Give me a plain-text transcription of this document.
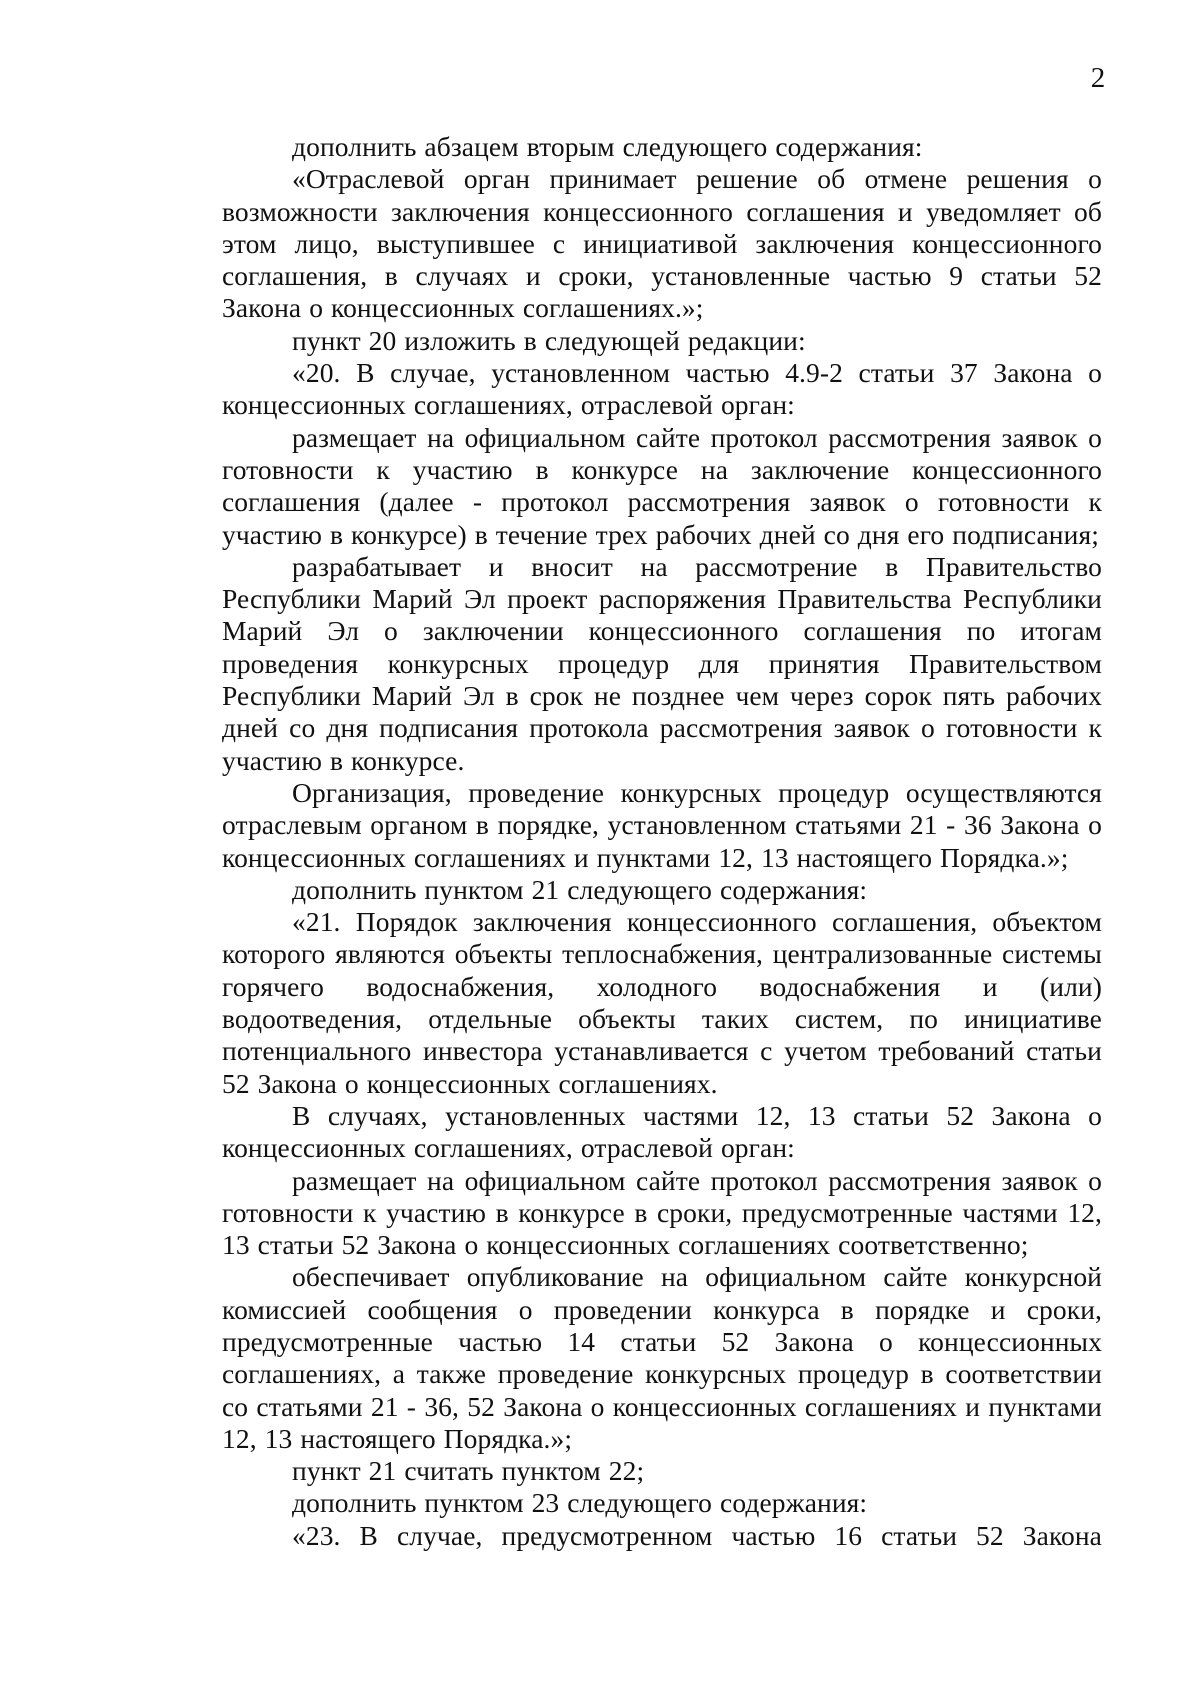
2

дополнить абзацем вторым следующего содержания:

«Отраслевой орган принимает решение об отмене решения о возможности заключения концессионного соглашения и уведомляет об этом лицо, выступившее с инициативой заключения концессионного соглашения, в случаях и сроки, установленные частью 9 статьи 52 Закона о концессионных соглашениях.»;

пункт 20 изложить в следующей редакции:

«20. В случае, установленном частью 4.9-2 статьи 37 Закона о концессионных соглашениях, отраслевой орган:

размещает на официальном сайте протокол рассмотрения заявок о готовности к участию в конкурсе на заключение концессионного соглашения (далее - протокол рассмотрения заявок о готовности к участию в конкурсе) в течение трех рабочих дней со дня его подписания;

разрабатывает и вносит на рассмотрение в Правительство Республики Марий Эл проект распоряжения Правительства Республики Марий Эл о заключении концессионного соглашения по итогам проведения конкурсных процедур для принятия Правительством Республики Марий Эл в срок не позднее чем через сорок пять рабочих дней со дня подписания протокола рассмотрения заявок о готовности к участию в конкурсе.

Организация, проведение конкурсных процедур осуществляются отраслевым органом в порядке, установленном статьями 21 - 36 Закона о концессионных соглашениях и пунктами 12, 13 настоящего Порядка.»;

дополнить пунктом 21 следующего содержания:

«21. Порядок заключения концессионного соглашения, объектом которого являются объекты теплоснабжения, централизованные системы горячего водоснабжения, холодного водоснабжения и (или) водоотведения, отдельные объекты таких систем, по инициативе потенциального инвестора устанавливается с учетом требований статьи 52 Закона о концессионных соглашениях.

В случаях, установленных частями 12, 13 статьи 52 Закона о концессионных соглашениях, отраслевой орган:

размещает на официальном сайте протокол рассмотрения заявок о готовности к участию в конкурсе в сроки, предусмотренные частями 12, 13 статьи 52 Закона о концессионных соглашениях соответственно;

обеспечивает опубликование на официальном сайте конкурсной комиссией сообщения о проведении конкурса в порядке и сроки, предусмотренные частью 14 статьи 52 Закона о концессионных соглашениях, а также проведение конкурсных процедур в соответствии со статьями 21 - 36, 52 Закона о концессионных соглашениях и пунктами 12, 13 настоящего Порядка.»;

пункт 21 считать пунктом 22;

дополнить пунктом 23 следующего содержания:

«23. В случае, предусмотренном частью 16 статьи 52 Закона
